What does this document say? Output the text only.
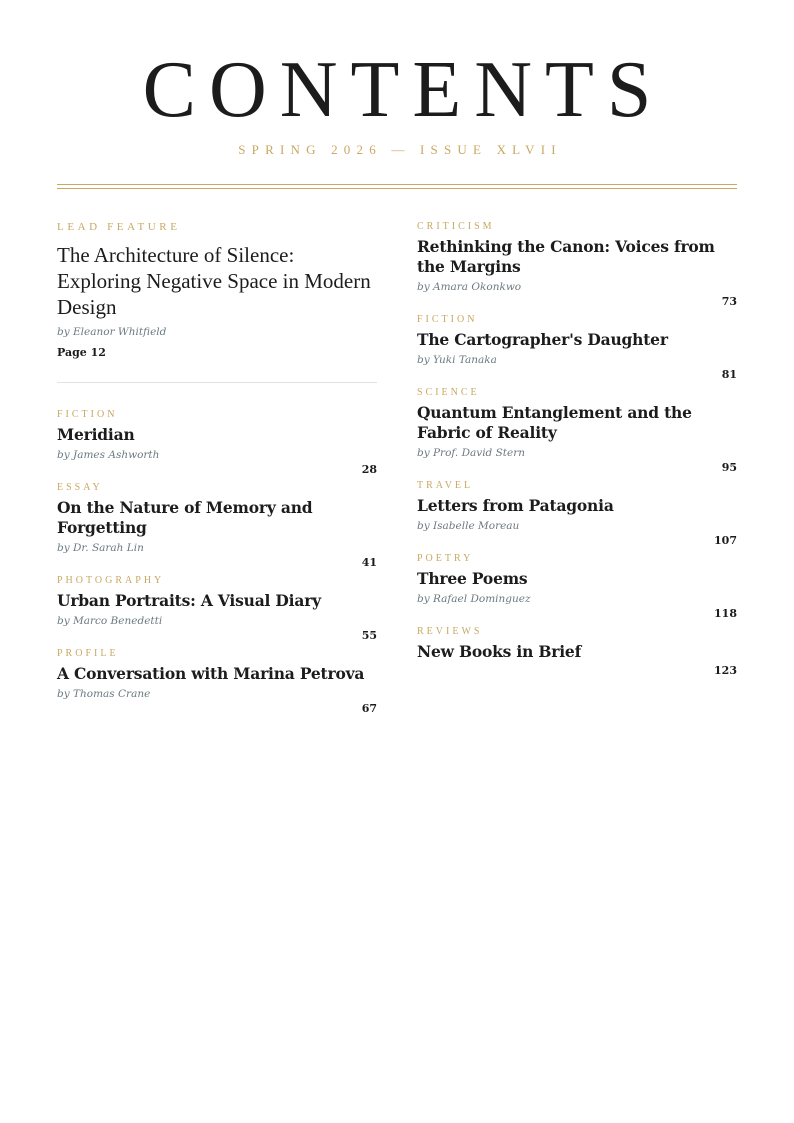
CONTENTS
SPRING 2026 — ISSUE XLVII
LEAD FEATURE
The Architecture of Silence: Exploring Negative Space in Modern Design
by Eleanor Whitfield
Page 12
FICTION
Meridian
by James Ashworth
28
ESSAY
On the Nature of Memory and Forgetting
by Dr. Sarah Lin
41
PHOTOGRAPHY
Urban Portraits: A Visual Diary
by Marco Benedetti
55
PROFILE
A Conversation with Marina Petrova
by Thomas Crane
67
CRITICISM
Rethinking the Canon: Voices from the Margins
by Amara Okonkwo
73
FICTION
The Cartographer's Daughter
by Yuki Tanaka
81
SCIENCE
Quantum Entanglement and the Fabric of Reality
by Prof. David Stern
95
TRAVEL
Letters from Patagonia
by Isabelle Moreau
107
POETRY
Three Poems
by Rafael Dominguez
118
REVIEWS
New Books in Brief
123
